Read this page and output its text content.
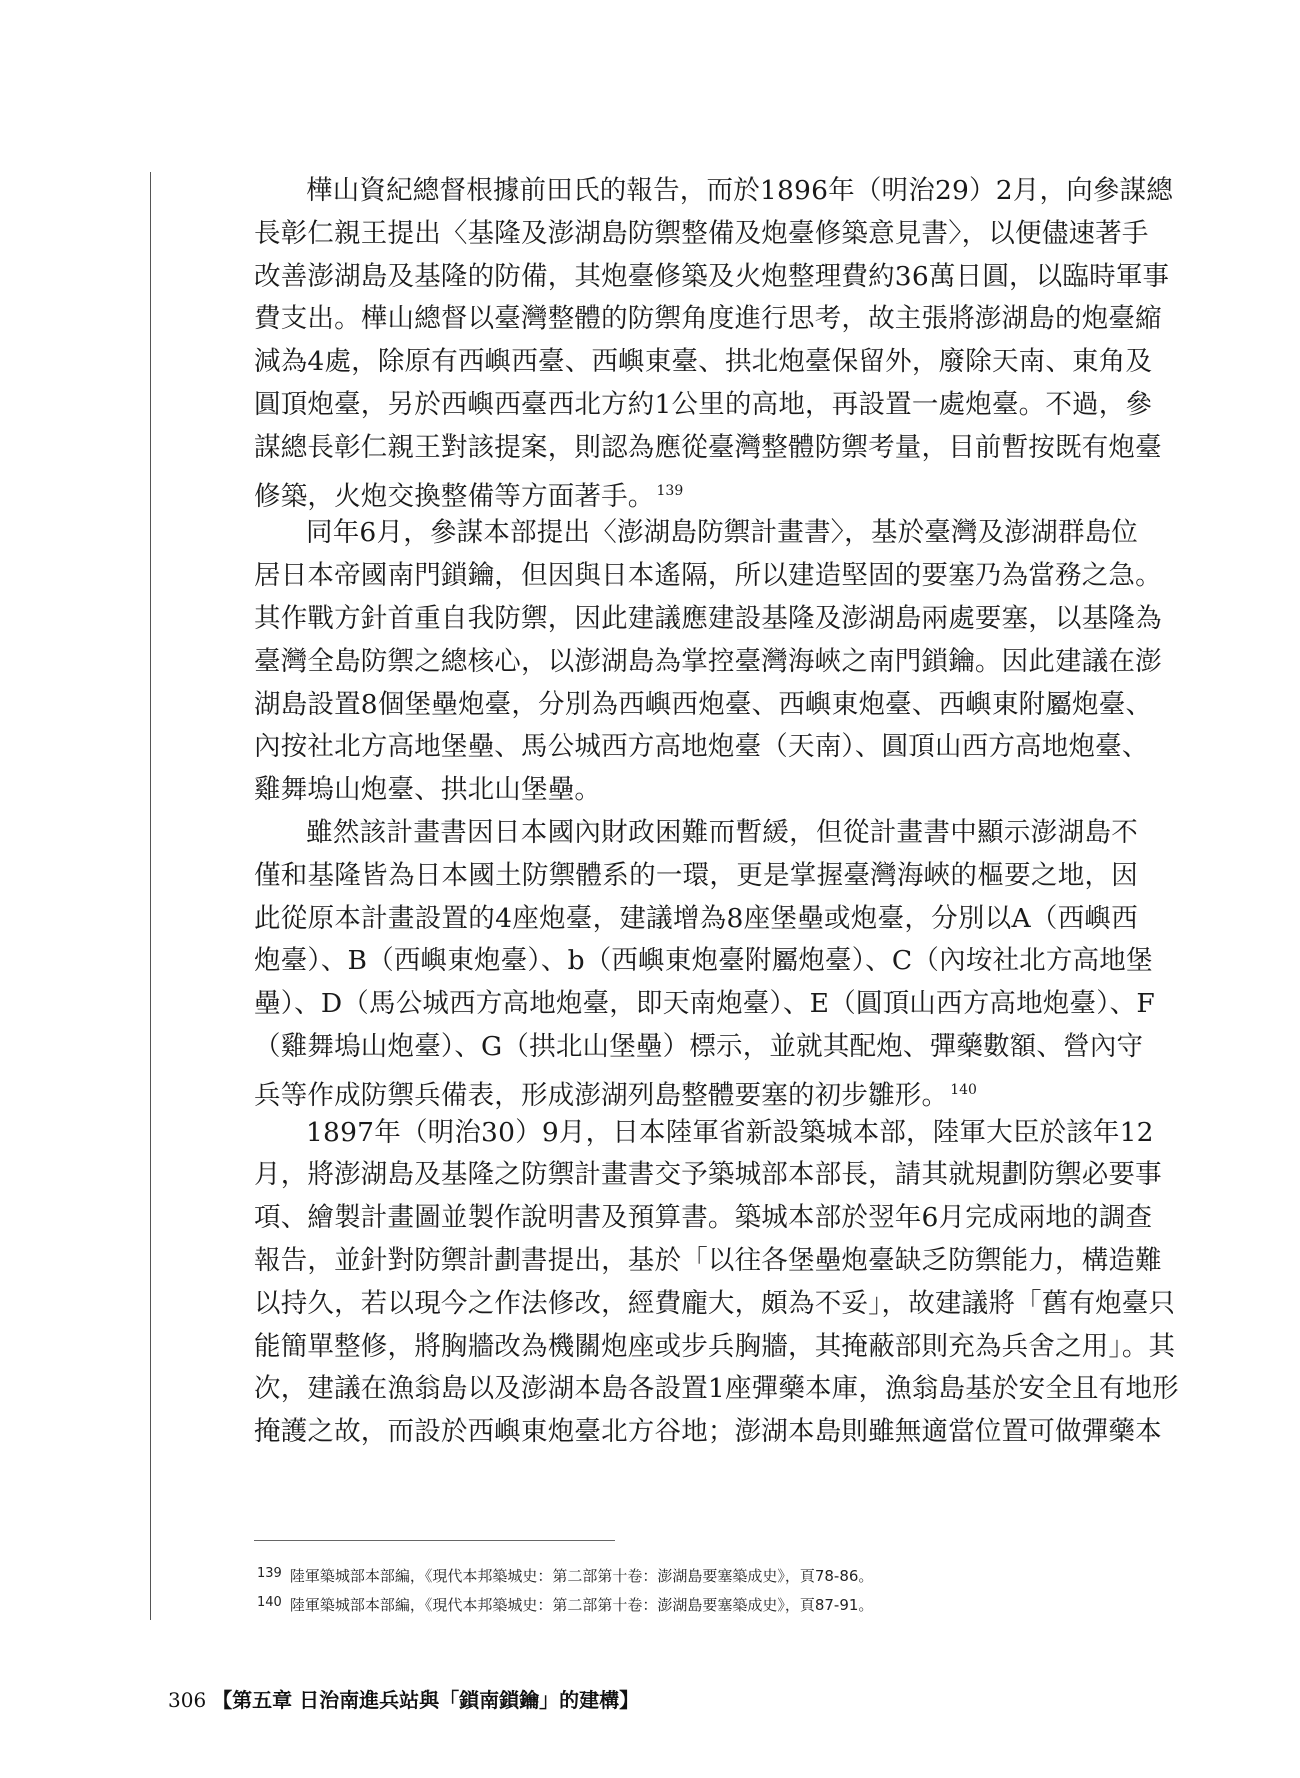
樺山資紀總督根據前田氏的報告，而於1896年（明治29）2月，向參謀總
長彰仁親王提出〈基隆及澎湖島防禦整備及炮臺修築意見書〉，以便儘速著手
改善澎湖島及基隆的防備，其炮臺修築及火炮整理費約36萬日圓，以臨時軍事
費支出。樺山總督以臺灣整體的防禦角度進行思考，故主張將澎湖島的炮臺縮
減為4處，除原有西嶼西臺、西嶼東臺、拱北炮臺保留外，廢除天南、東角及
圓頂炮臺，另於西嶼西臺西北方約1公里的高地，再設置一處炮臺。不過，參
謀總長彰仁親王對該提案，則認為應從臺灣整體防禦考量，目前暫按既有炮臺
修築，火炮交換整備等方面著手。 $^{139}$
同年6月，參謀本部提出〈澎湖島防禦計畫書〉，基於臺灣及澎湖群島位
居日本帝國南門鎖鑰，但因與日本遙隔，所以建造堅固的要塞乃為當務之急。
其作戰方針首重自我防禦，因此建議應建設基隆及澎湖島兩處要塞，以基隆為
臺灣全島防禦之總核心，以澎湖島為掌控臺灣海峽之南門鎖鑰。因此建議在澎
湖島設置8個堡壘炮臺，分別為西嶼西炮臺、西嶼東炮臺、西嶼東附屬炮臺、
內按社北方高地堡壘、馬公城西方高地炮臺（天南）、圓頂山西方高地炮臺、
雞舞塢山炮臺、拱北山堡壘。
雖然該計畫書因日本國內財政困難而暫緩，但從計畫書中顯示澎湖島不
僅和基隆皆為日本國土防禦體系的一環，更是掌握臺灣海峽的樞要之地，因
此從原本計畫設置的4座炮臺，建議增為8座堡壘或炮臺，分別以A（西嶼西
炮臺）、B（西嶼東炮臺）、b（西嶼東炮臺附屬炮臺）、C（內垵社北方高地堡
壘）、D（馬公城西方高地炮臺，即天南炮臺）、E（圓頂山西方高地炮臺）、F
（雞舞塢山炮臺）、G（拱北山堡壘）標示，並就其配炮、彈藥數額、營內守
兵等作成防禦兵備表，形成澎湖列島整體要塞的初步雛形。 $^{140}$
1897年（明治30）9月，日本陸軍省新設築城本部，陸軍大臣於該年12
月，將澎湖島及基隆之防禦計畫書交予築城部本部長，請其就規劃防禦必要事
項、繪製計畫圖並製作說明書及預算書。築城本部於翌年6月完成兩地的調查
報告，並針對防禦計劃書提出，基於「以往各堡壘炮臺缺乏防禦能力，構造難
以持久，若以現今之作法修改，經費龐大，頗為不妥」，故建議將「舊有炮臺只
能簡單整修，將胸牆改為機關炮座或步兵胸牆，其掩蔽部則充為兵舍之用」。其
次，建議在漁翁島以及澎湖本島各設置1座彈藥本庫，漁翁島基於安全且有地形
掩護之故，而設於西嶼東炮臺北方谷地；澎湖本島則雖無適當位置可做彈藥本
139 陸軍築城部本部編，《現代本邦築城史：第二部第十卷：澎湖島要塞築成史》，頁78-86。
140 陸軍築城部本部編，《現代本邦築城史：第二部第十卷：澎湖島要塞築成史》，頁87-91。
306 【第五章 日治南進兵站與「鎖南鎖鑰」的建構】
